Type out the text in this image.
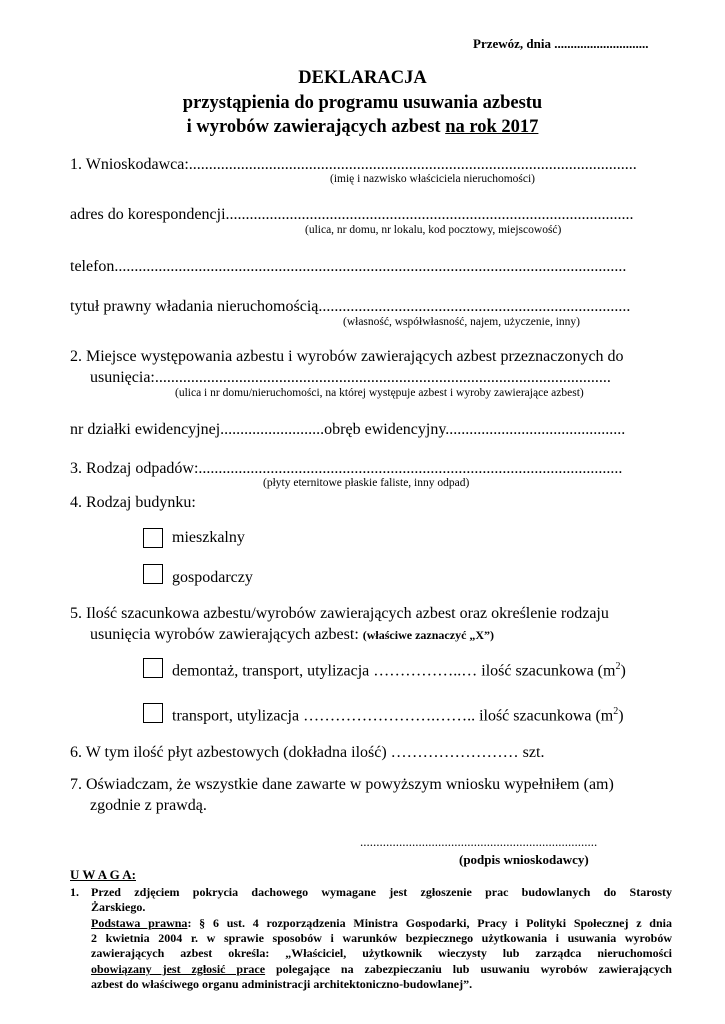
Przewóz, dnia .............................
DEKLARACJA
przystąpienia do programu usuwania azbestu
i wyrobów zawierających azbest na rok 2017
1. Wnioskodawca:................................................................................................................
(imię i nazwisko właściciela nieruchomości)
adres do korespondencji......................................................................................................
(ulica, nr domu, nr lokalu, kod pocztowy, miejscowość)
telefon................................................................................................................................
tytuł prawny władania nieruchomością..............................................................................
(własność, współwłasność, najem, użyczenie, inny)
2. Miejsce występowania azbestu i wyrobów zawierających azbest przeznaczonych do
usunięcia:..................................................................................................................
(ulica i nr domu/nieruchomości, na której występuje azbest i wyroby zawierające azbest)
nr działki ewidencyjnej..........................obręb ewidencyjny.............................................
3. Rodzaj odpadów:..........................................................................................................
(płyty eternitowe płaskie faliste, inny odpad)
4. Rodzaj budynku:
mieszkalny
gospodarczy
5. Ilość szacunkowa azbestu/wyrobów zawierających azbest oraz określenie rodzaju
usunięcia wyrobów zawierających azbest: (właściwe zaznaczyć „X”)
demontaż, transport, utylizacja ……………..… ilość szacunkowa $(m^2)$
transport, utylizacja …………………….…….. ilość szacunkowa $(m^2)$
6. W tym ilość płyt azbestowych (dokładna ilość) …………………… szt.
7. Oświadczam, że wszystkie dane zawarte w powyższym wniosku wypełniłem (am)
zgodnie z prawdą.
.........................................................................
(podpis wnioskodawcy)
U W A G A:
1. Przed zdjęciem pokrycia dachowego wymagane jest zgłoszenie prac budowlanych do Starosty
Żarskiego.
Podstawa prawna: § 6 ust. 4 rozporządzenia Ministra Gospodarki, Pracy i Polityki Społecznej z dnia
2 kwietnia 2004 r. w sprawie sposobów i warunków bezpiecznego użytkowania i usuwania wyrobów
zawierających azbest określa: „Właściciel, użytkownik wieczysty lub zarządca nieruchomości
obowiązany jest zgłosić prace polegające na zabezpieczaniu lub usuwaniu wyrobów zawierających
azbest do właściwego organu administracji architektoniczno-budowlanej”.
